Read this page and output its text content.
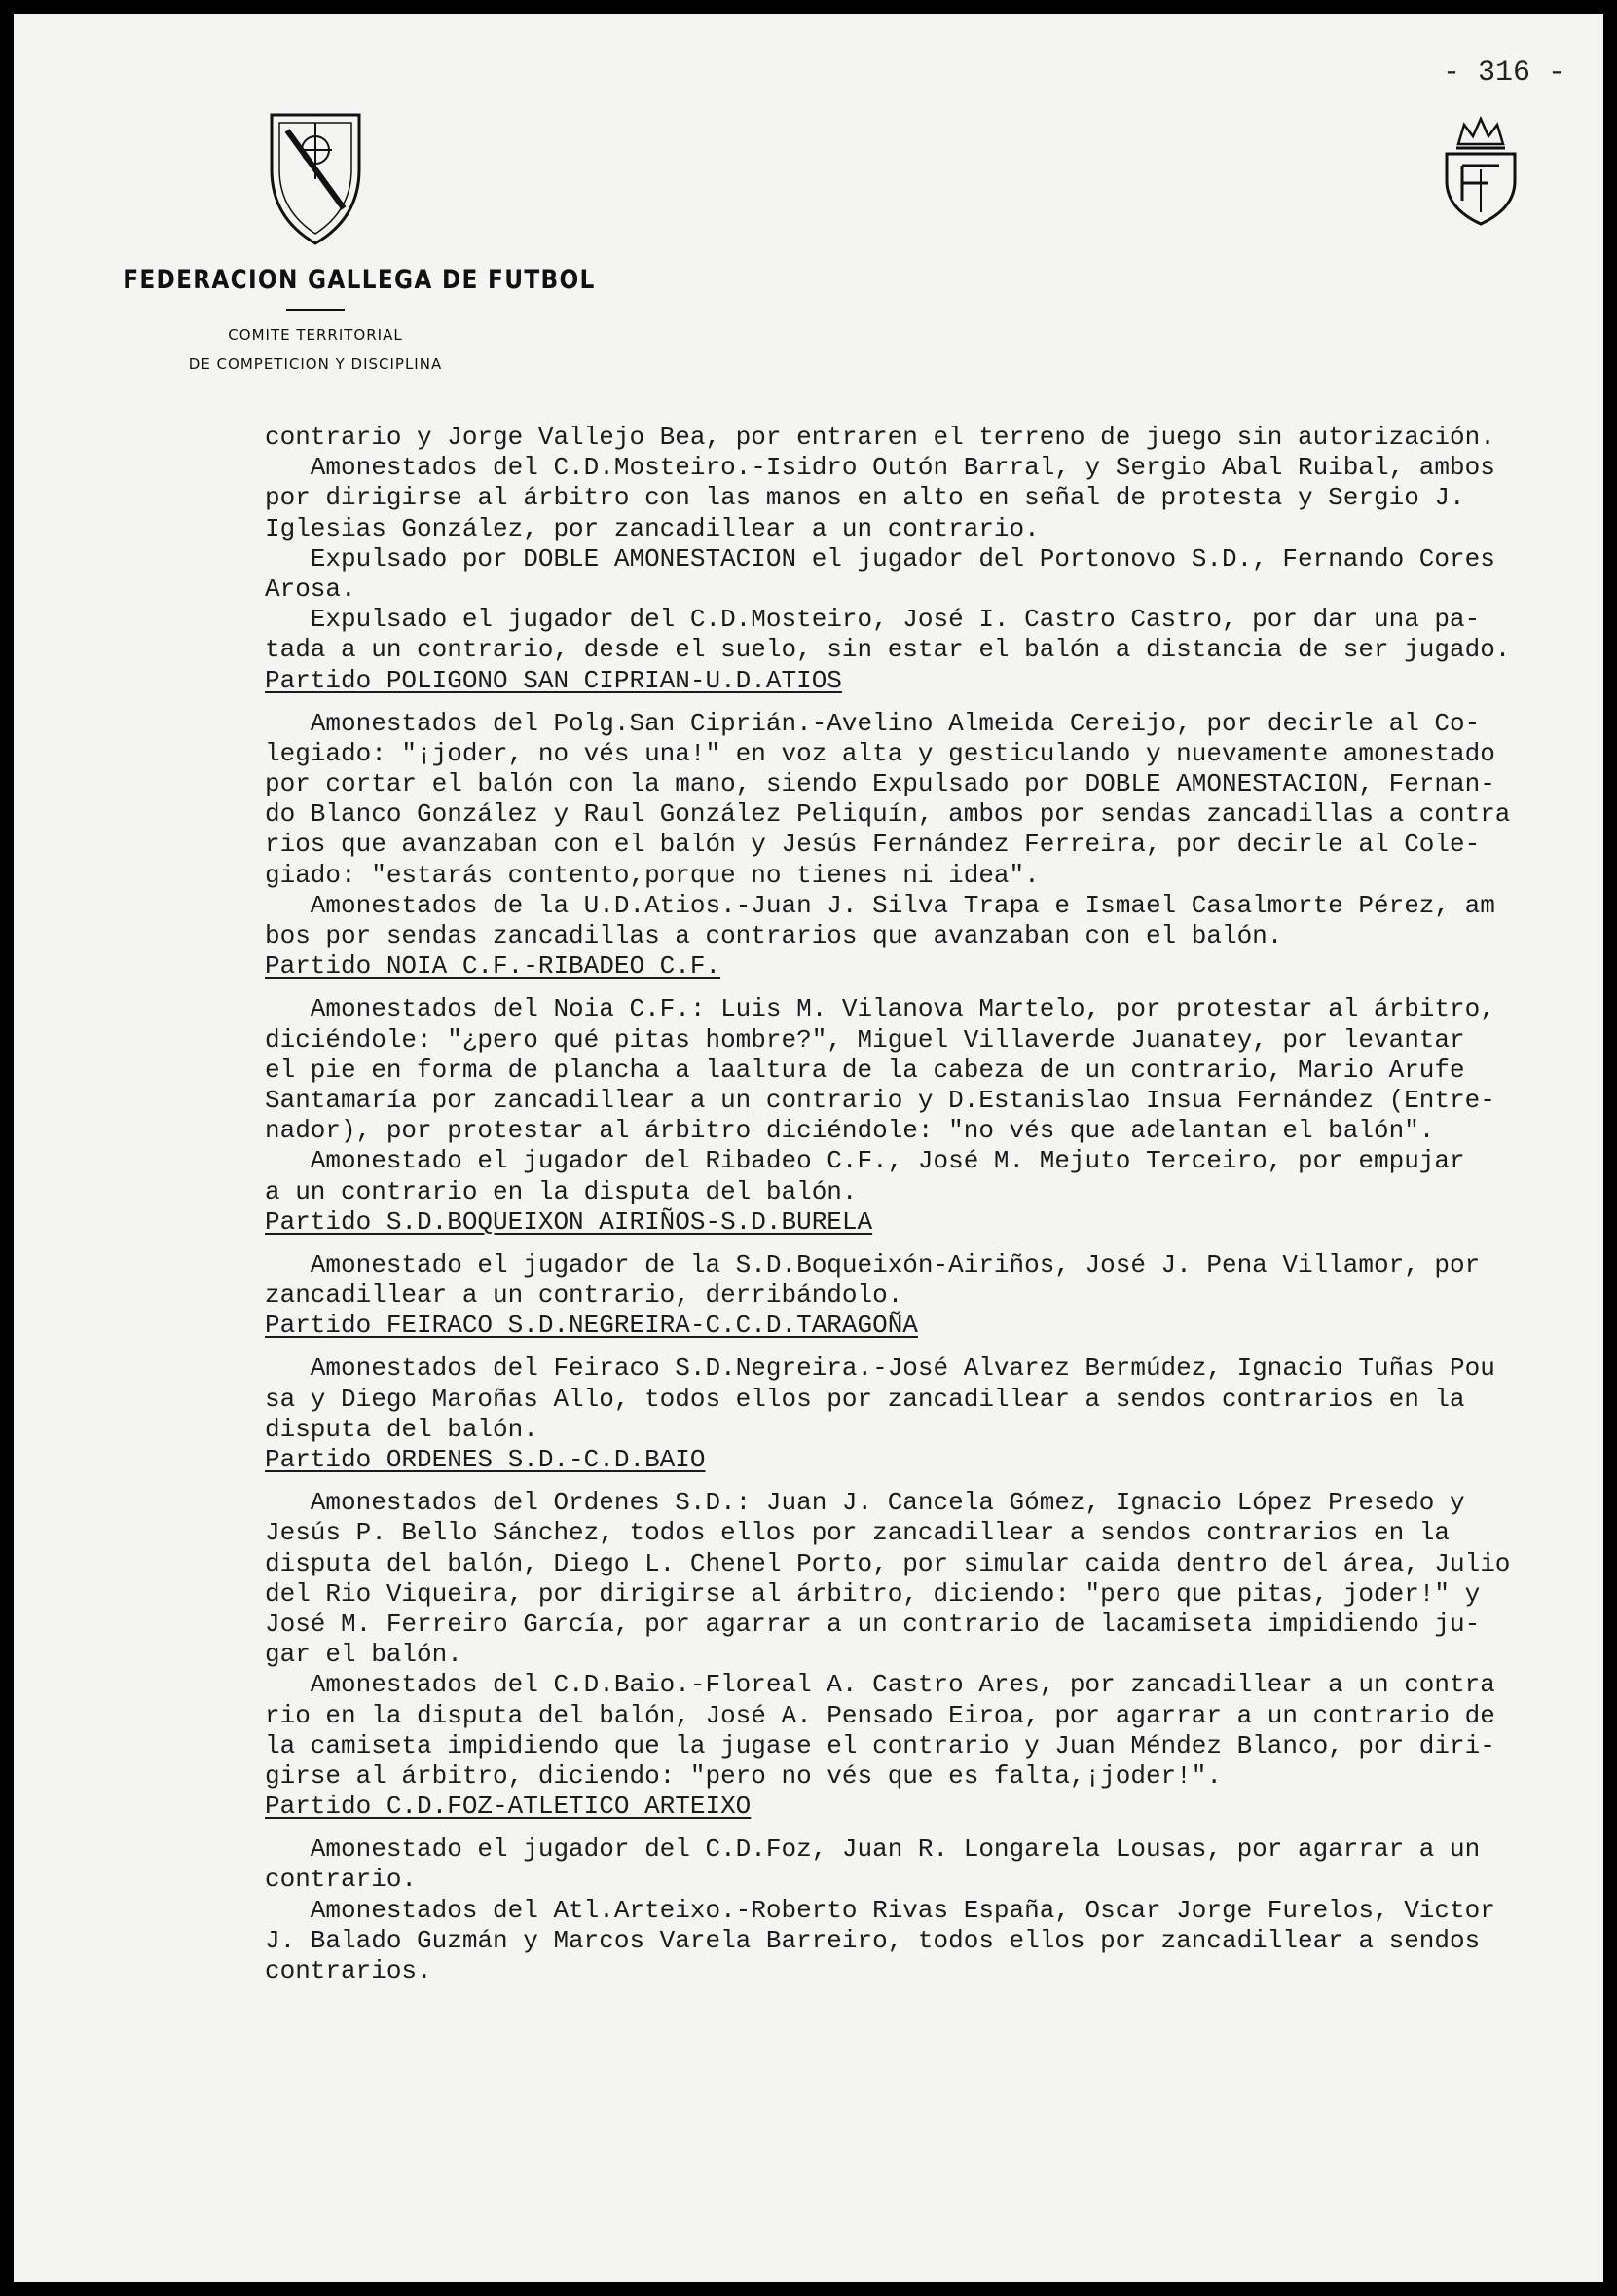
- 316 -
FEDERACION GALLEGA DE FUTBOL
COMITE TERRITORIAL
DE COMPETICION Y DISCIPLINA
contrario y Jorge Vallejo Bea, por entraren el terreno de juego sin autorización.
Amonestados del C.D.Mosteiro.-Isidro Outón Barral, y Sergio Abal Ruibal, ambos
por dirigirse al árbitro con las manos en alto en señal de protesta y Sergio J.
Iglesias González, por zancadillear a un contrario.
Expulsado por DOBLE AMONESTACION el jugador del Portonovo S.D., Fernando Cores
Arosa.
Expulsado el jugador del C.D.Mosteiro, José I. Castro Castro, por dar una pa-
tada a un contrario, desde el suelo, sin estar el balón a distancia de ser jugado.
Partido POLIGONO SAN CIPRIAN-U.D.ATIOS
Amonestados del Polg.San Ciprián.-Avelino Almeida Cereijo, por decirle al Co-
legiado: "¡joder, no vés una!" en voz alta y gesticulando y nuevamente amonestado
por cortar el balón con la mano, siendo Expulsado por DOBLE AMONESTACION, Fernan-
do Blanco González y Raul González Peliquín, ambos por sendas zancadillas a contra
rios que avanzaban con el balón y Jesús Fernández Ferreira, por decirle al Cole-
giado: "estarás contento,porque no tienes ni idea".
Amonestados de la U.D.Atios.-Juan J. Silva Trapa e Ismael Casalmorte Pérez, am
bos por sendas zancadillas a contrarios que avanzaban con el balón.
Partido NOIA C.F.-RIBADEO C.F.
Amonestados del Noia C.F.: Luis M. Vilanova Martelo, por protestar al árbitro,
diciéndole: "¿pero qué pitas hombre?", Miguel Villaverde Juanatey, por levantar
el pie en forma de plancha a laaltura de la cabeza de un contrario, Mario Arufe
Santamaría por zancadillear a un contrario y D.Estanislao Insua Fernández (Entre-
nador), por protestar al árbitro diciéndole: "no vés que adelantan el balón".
Amonestado el jugador del Ribadeo C.F., José M. Mejuto Terceiro, por empujar
a un contrario en la disputa del balón.
Partido S.D.BOQUEIXON AIRIÑOS-S.D.BURELA
Amonestado el jugador de la S.D.Boqueixón-Airiños, José J. Pena Villamor, por
zancadillear a un contrario, derribándolo.
Partido FEIRACO S.D.NEGREIRA-C.C.D.TARAGOÑA
Amonestados del Feiraco S.D.Negreira.-José Alvarez Bermúdez, Ignacio Tuñas Pou
sa y Diego Maroñas Allo, todos ellos por zancadillear a sendos contrarios en la
disputa del balón.
Partido ORDENES S.D.-C.D.BAIO
Amonestados del Ordenes S.D.: Juan J. Cancela Gómez, Ignacio López Presedo y
Jesús P. Bello Sánchez, todos ellos por zancadillear a sendos contrarios en la
disputa del balón, Diego L. Chenel Porto, por simular caida dentro del área, Julio
del Rio Viqueira, por dirigirse al árbitro, diciendo: "pero que pitas, joder!" y
José M. Ferreiro García, por agarrar a un contrario de lacamiseta impidiendo ju-
gar el balón.
Amonestados del C.D.Baio.-Floreal A. Castro Ares, por zancadillear a un contra
rio en la disputa del balón, José A. Pensado Eiroa, por agarrar a un contrario de
la camiseta impidiendo que la jugase el contrario y Juan Méndez Blanco, por diri-
girse al árbitro, diciendo: "pero no vés que es falta,¡joder!".
Partido C.D.FOZ-ATLETICO ARTEIXO
Amonestado el jugador del C.D.Foz, Juan R. Longarela Lousas, por agarrar a un
contrario.
Amonestados del Atl.Arteixo.-Roberto Rivas España, Oscar Jorge Furelos, Victor
J. Balado Guzmán y Marcos Varela Barreiro, todos ellos por zancadillear a sendos
contrarios.
